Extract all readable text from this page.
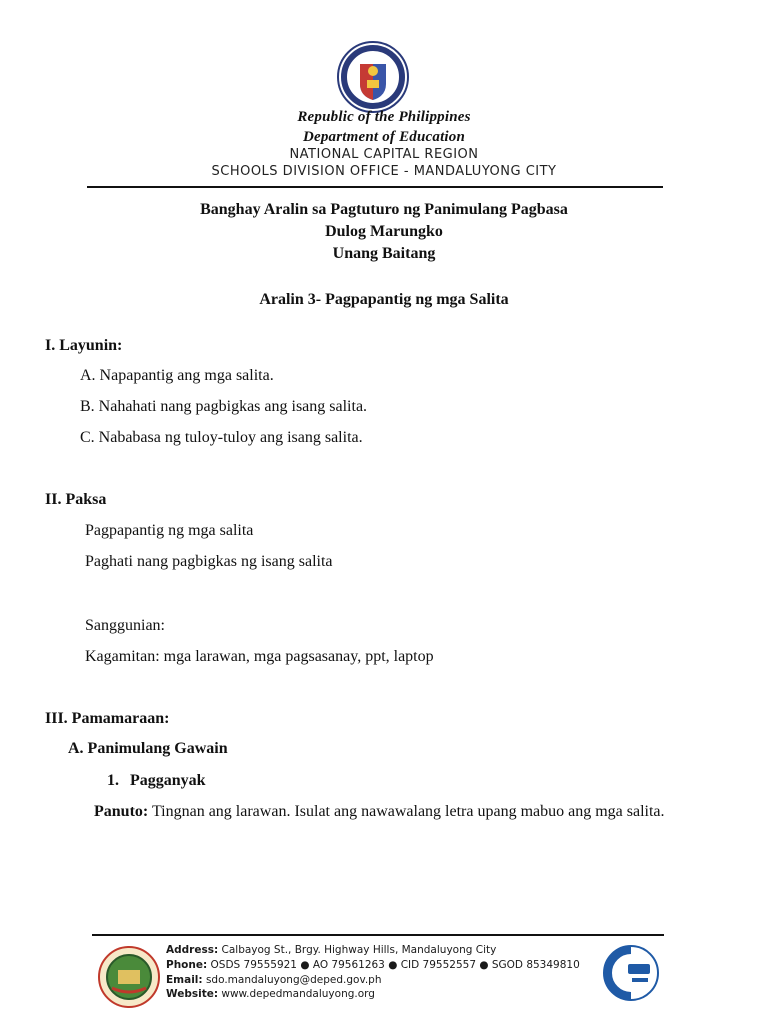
Republic of the Philippines
Department of Education
NATIONAL CAPITAL REGION
SCHOOLS DIVISION OFFICE - MANDALUYONG CITY
Banghay Aralin sa Pagtuturo ng Panimulang Pagbasa
Dulog Marungko
Unang Baitang
Aralin 3- Pagpapantig ng mga Salita
I. Layunin:
A. Napapantig ang mga salita.
B. Nahahati nang pagbigkas ang isang salita.
C. Nababasa ng tuloy-tuloy ang isang salita.
II. Paksa
Pagpapantig ng mga salita
Paghati nang pagbigkas ng isang salita
Sanggunian:
Kagamitan: mga larawan, mga pagsasanay, ppt, laptop
III. Pamamaraan:
A. Panimulang Gawain
1. Pagganyak
Panuto: Tingnan ang larawan. Isulat ang nawawalang letra upang mabuo ang mga salita.
Address: Calbayog St., Brgy. Highway Hills, Mandaluyong City
Phone: OSDS 79555921 ● AO 79561263 ● CID 79552557 ● SGOD 85349810
Email: sdo.mandaluyong@deped.gov.ph
Website: www.depedmandaluyong.org
